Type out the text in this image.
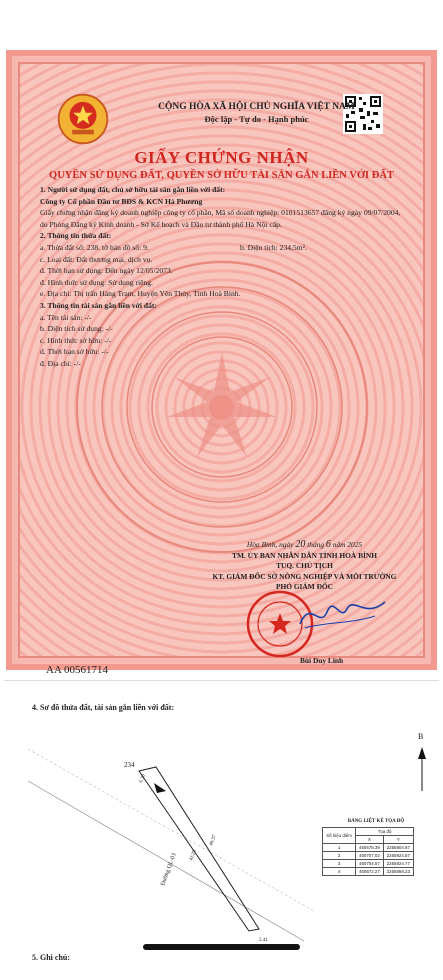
CỘNG HÒA XÃ HỘI CHỦ NGHĨA VIỆT NAM
Độc lập - Tự do - Hạnh phúc
GIẤY CHỨNG NHẬN
QUYỀN SỬ DỤNG ĐẤT, QUYỀN SỞ HỮU TÀI SẢN GẮN LIỀN VỚI ĐẤT
1. Người sử dụng đất, chủ sở hữu tài sản gắn liền với đất:
Công ty Cổ phần Đầu tư BĐS & KCN Hà Phương
Giấy chứng nhận đăng ký doanh nghiệp công ty cổ phần, Mã số doanh nghiệp: 0101513657 đăng ký ngày 09/07/2004, do Phòng Đăng ký Kinh doanh - Sở Kế hoạch và Đầu tư thành phố Hà Nội cấp.
2. Thông tin thửa đất:
a. Thửa đất số: 238. tờ bản đồ số: 9.	b. Diện tích: 234,5m².
c. Loại đất: Đất thương mại, dịch vụ.
d. Thời hạn sử dụng: Đến ngày 12/05/2073.
đ. Hình thức sử dụng: Sử dụng riêng.
e. Địa chỉ: Thị trấn Hàng Trạm, Huyện Yên Thủy, Tỉnh Hoà Bình.
3. Thông tin tài sản gắn liền với đất:
a. Tên tài sản: -/-
b. Diện tích sử dụng: -/-
c. Hình thức sở hữu: -/-
d. Thời hạn sở hữu: -/-
đ. Địa chỉ: -/-
Hòa Bình, ngày 20 tháng 6 năm 2025
TM. ỦY BAN NHÂN DÂN TỈNH HOÀ BÌNH
TUQ. CHỦ TỊCH
KT. GIÁM ĐỐC SỞ NÔNG NGHIỆP VÀ MÔI TRƯỜNG
PHÓ GIÁM ĐỐC
Bùi Duy Linh
AA 00561714
4. Sơ đồ thửa đất, tài sản gắn liền với đất:
234
6.30
42.25
40.37
2.41
Đường QL-03
B
BẢNG LIỆT KÊ TỌA ĐỘ
Số hiệu điểm	Tọa độ	
	X	Y
1	460678.39	2255904.87
2	460707.02	2255924.87
3	460704.57	2255924.77
4	460672.27	2255959.23
5. Ghi chú:
